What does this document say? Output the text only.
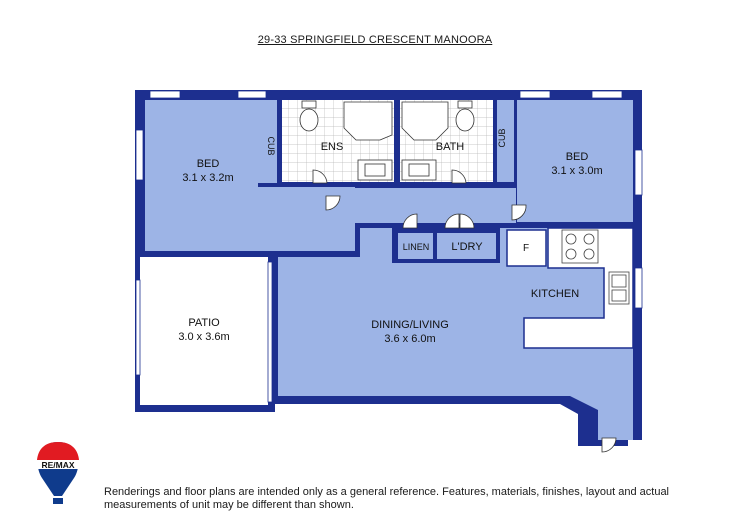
29-33 SPRINGFIELD CRESCENT MANOORA
BED
3.1 x 3.2m
CUB	ENS	BATH	CUB
BED
3.1 x 3.0m
LINEN L'DRY	F
KITCHEN
PATIO
3.0 x 3.6m
DINING/LIVING
3.6 x 6.0m
RE/MAX
Renderings and floor plans are intended only as a general reference. Features, materials, finishes, layout and actual measurements of unit may be different than shown.
